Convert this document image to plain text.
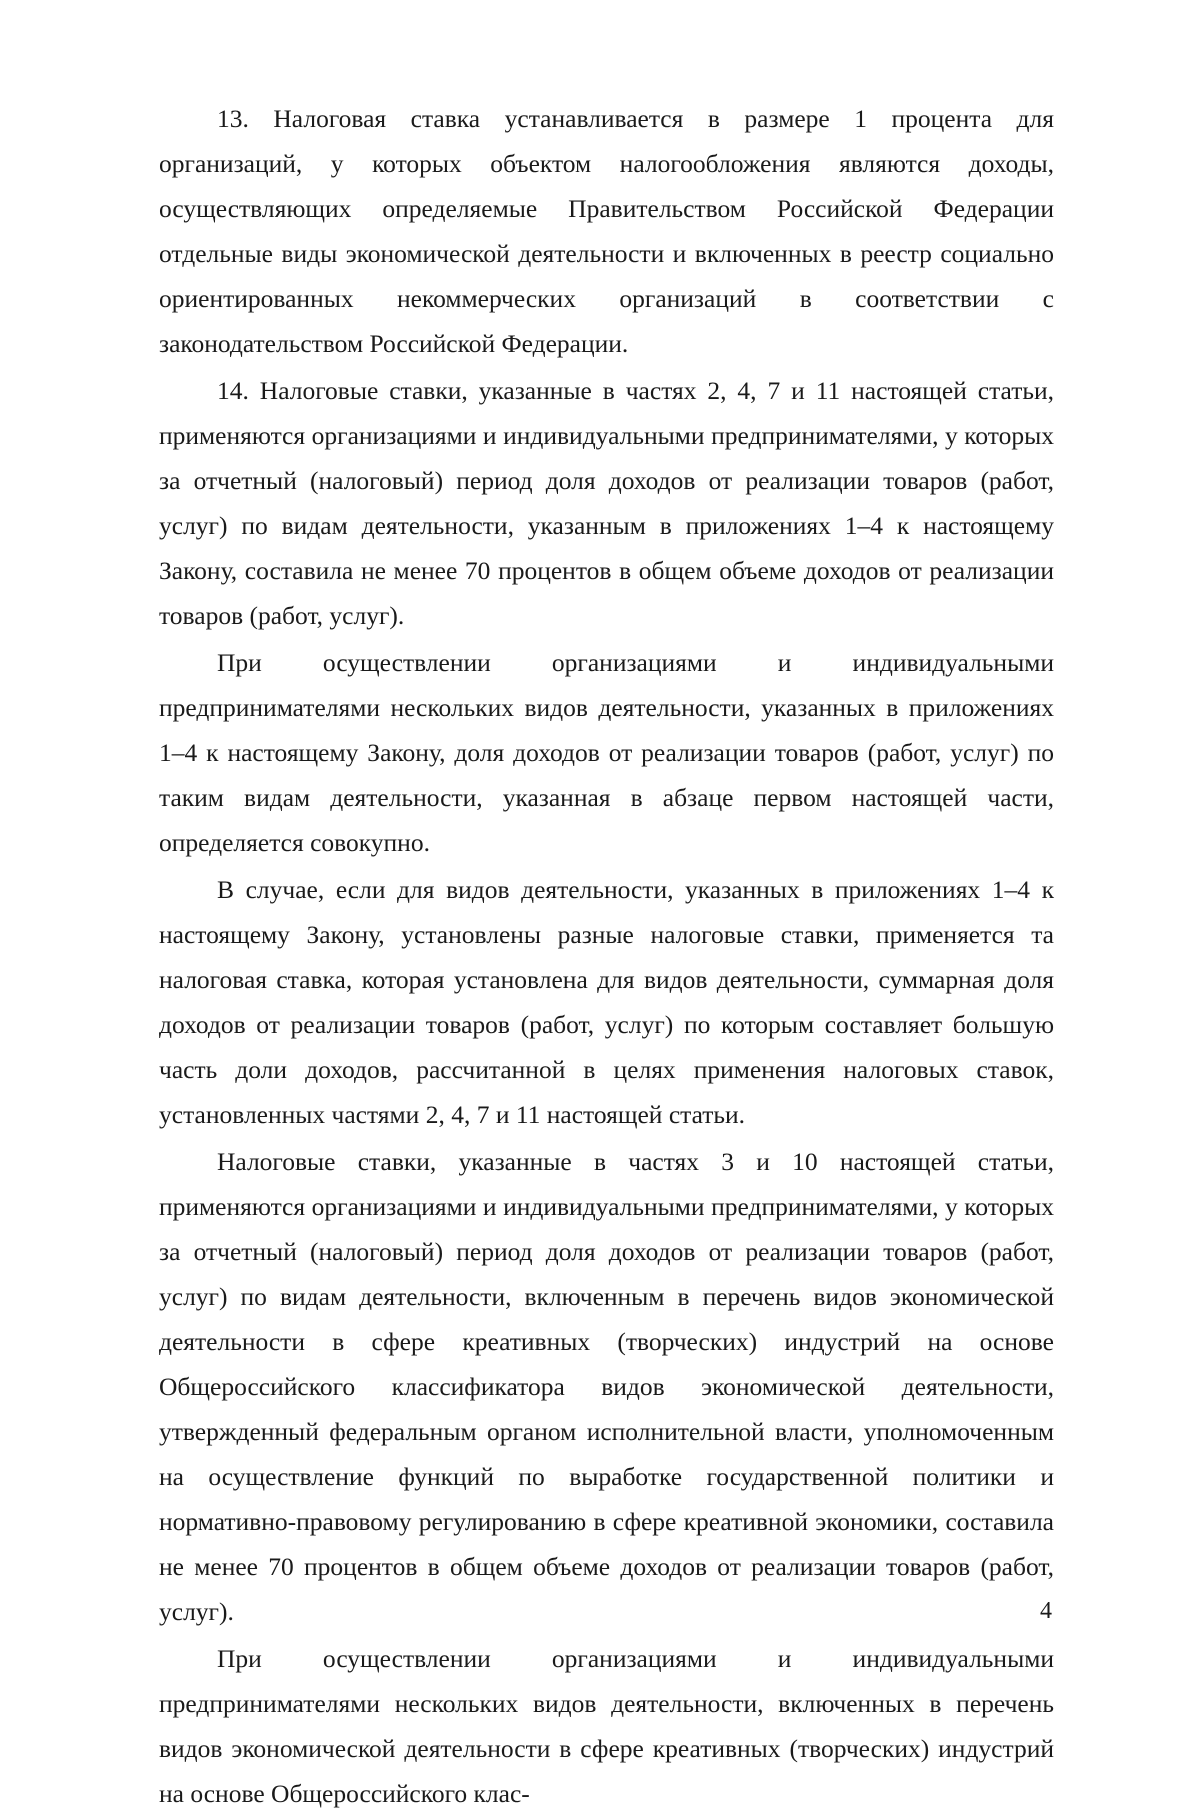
13. Налоговая ставка устанавливается в размере 1 процента для организаций, у которых объектом налогообложения являются доходы, осуществляющих определяемые Правительством Российской Федерации отдельные виды экономической деятельности и включенных в реестр социально ориентированных некоммерческих организаций в соответствии с законодательством Российской Федерации.

14. Налоговые ставки, указанные в частях 2, 4, 7 и 11 настоящей статьи, применяются организациями и индивидуальными предпринимателями, у которых за отчетный (налоговый) период доля доходов от реализации товаров (работ, услуг) по видам деятельности, указанным в приложениях 1–4 к настоящему Закону, составила не менее 70 процентов в общем объеме доходов от реализации товаров (работ, услуг).

При осуществлении организациями и индивидуальными предпринимателями нескольких видов деятельности, указанных в приложениях 1–4 к настоящему Закону, доля доходов от реализации товаров (работ, услуг) по таким видам деятельности, указанная в абзаце первом настоящей части, определяется совокупно.

В случае, если для видов деятельности, указанных в приложениях 1–4 к настоящему Закону, установлены разные налоговые ставки, применяется та налоговая ставка, которая установлена для видов деятельности, суммарная доля доходов от реализации товаров (работ, услуг) по которым составляет большую часть доли доходов, рассчитанной в целях применения налоговых ставок, установленных частями 2, 4, 7 и 11 настоящей статьи.

Налоговые ставки, указанные в частях 3 и 10 настоящей статьи, применяются организациями и индивидуальными предпринимателями, у которых за отчетный (налоговый) период доля доходов от реализации товаров (работ, услуг) по видам деятельности, включенным в перечень видов экономической деятельности в сфере креативных (творческих) индустрий на основе Общероссийского классификатора видов экономической деятельности, утвержденный федеральным органом исполнительной власти, уполномоченным на осуществление функций по выработке государственной политики и нормативно-правовому регулированию в сфере креативной экономики, составила не менее 70 процентов в общем объеме доходов от реализации товаров (работ, услуг).

При осуществлении организациями и индивидуальными предпринимателями нескольких видов деятельности, включенных в перечень видов экономической деятельности в сфере креативных (творческих) индустрий на основе Общероссийского клас-

4
